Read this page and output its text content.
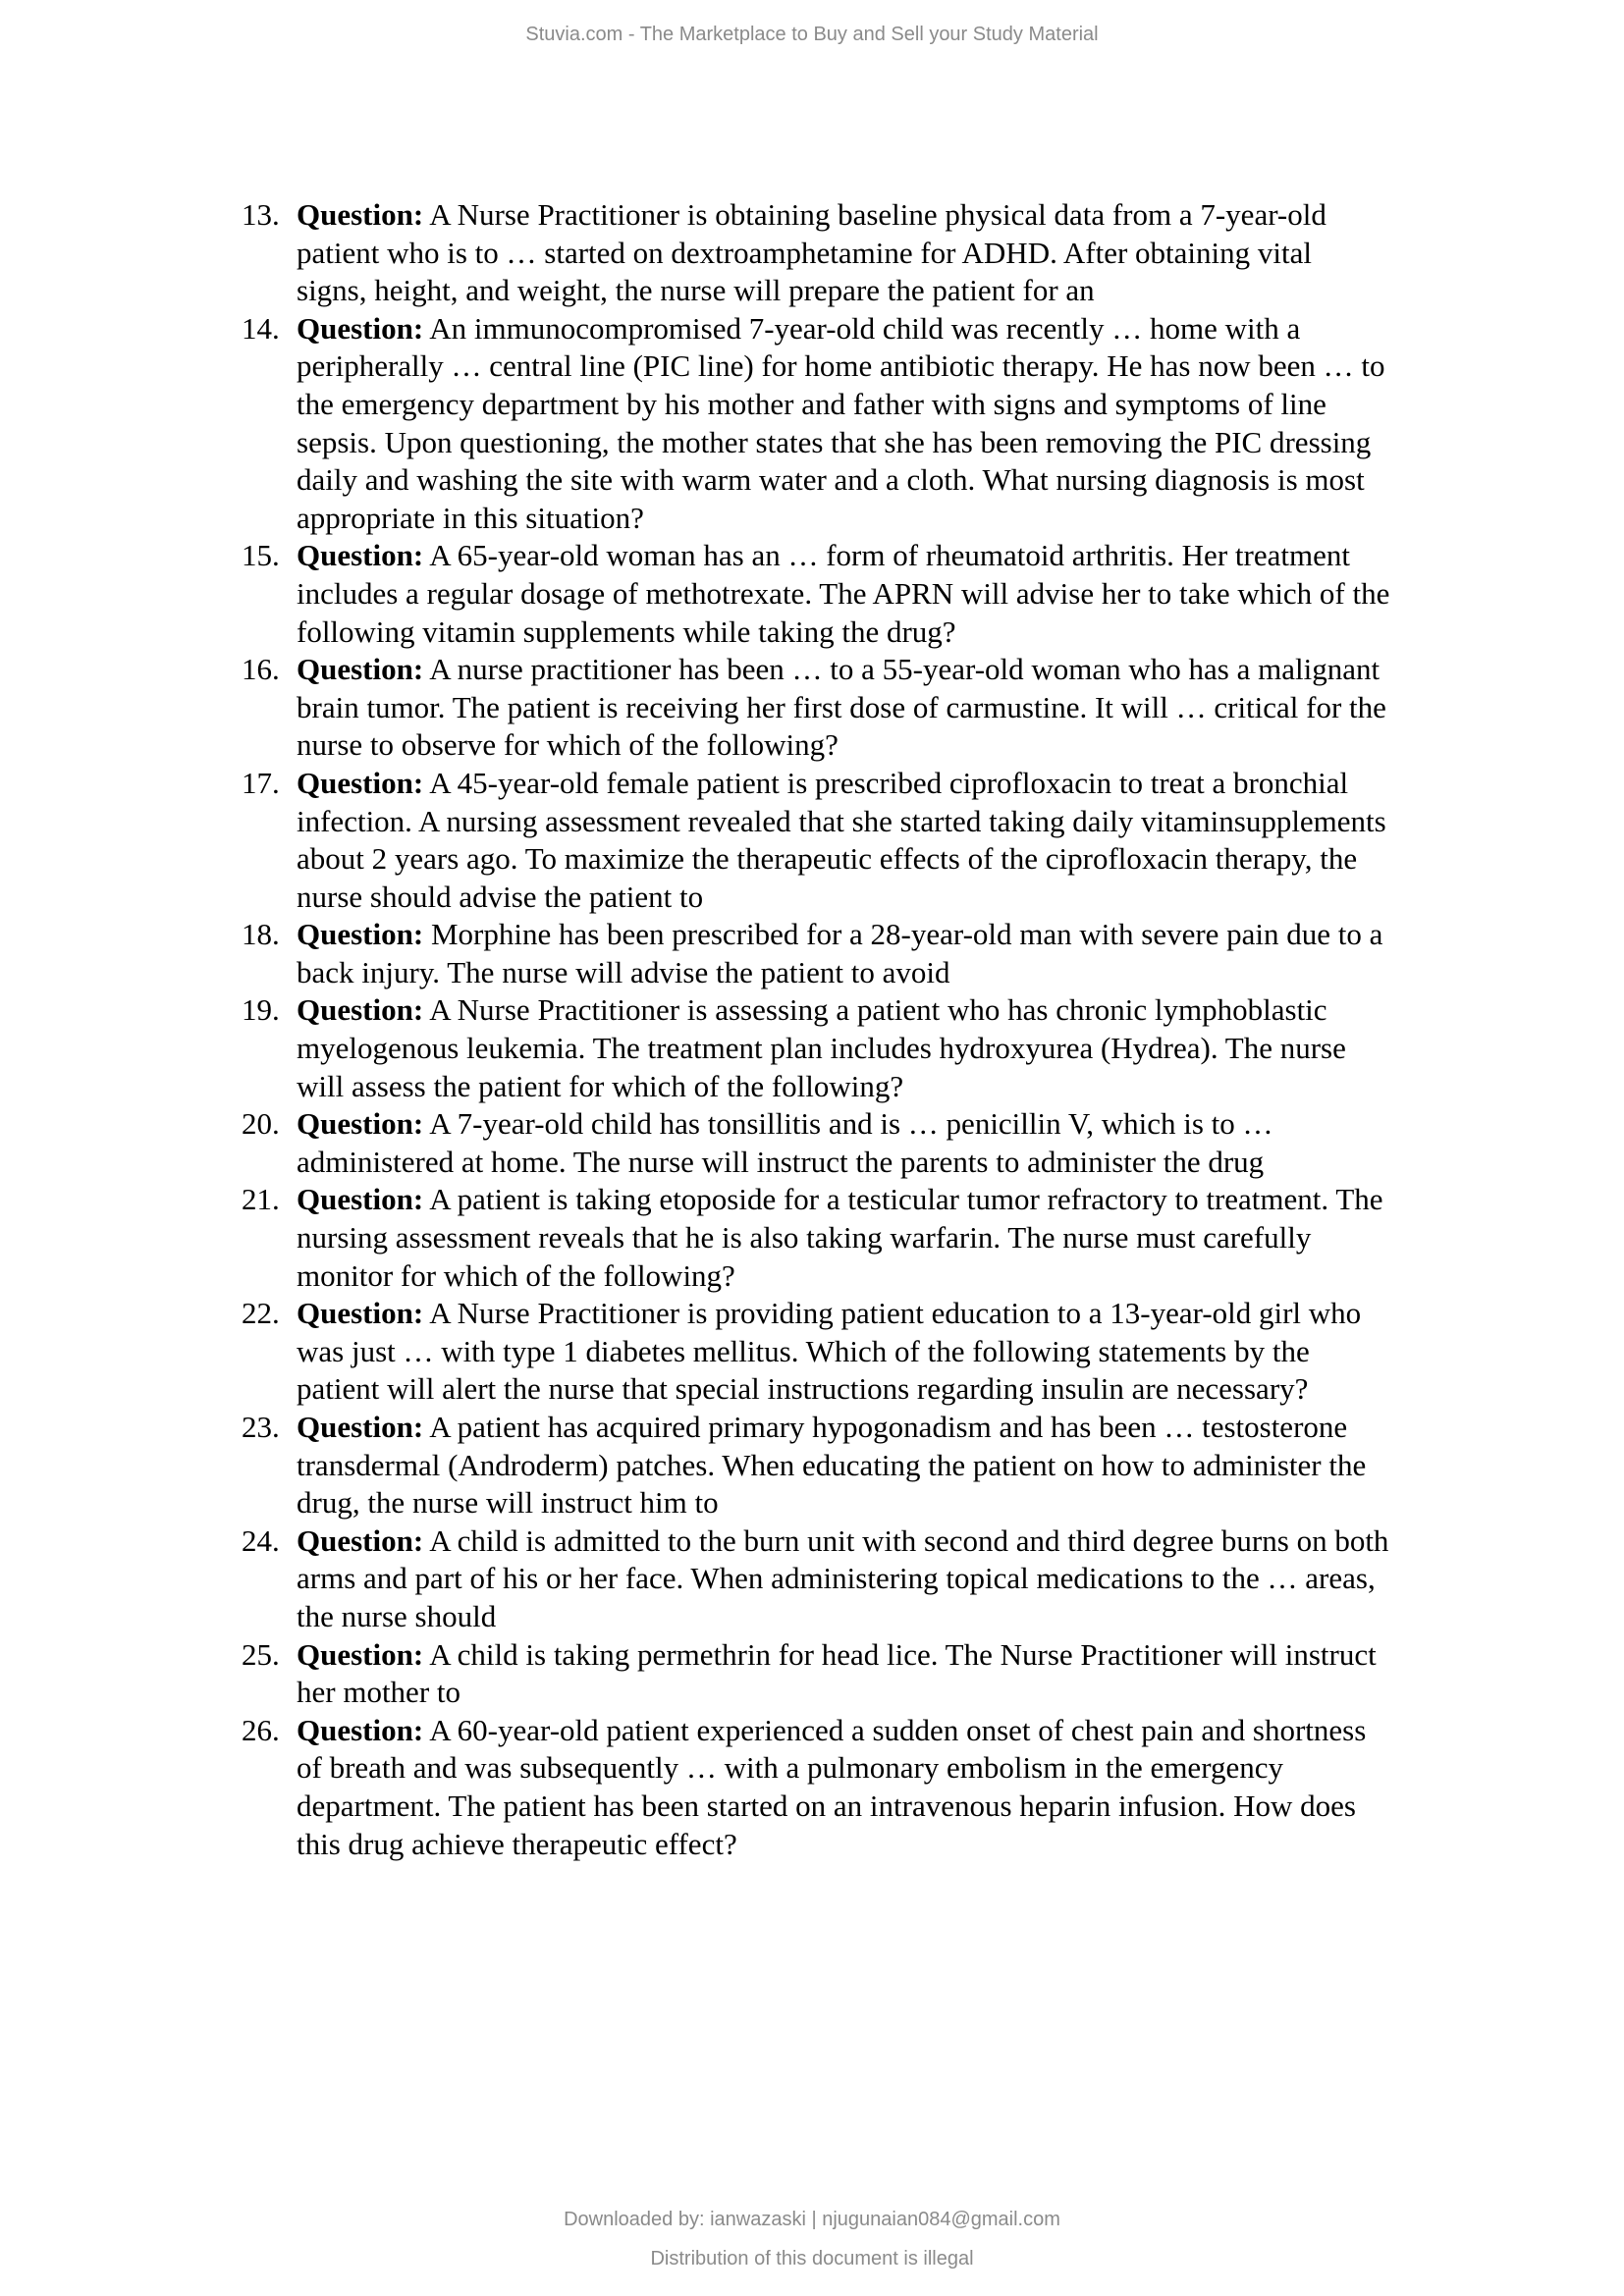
Stuvia.com - The Marketplace to Buy and Sell your Study Material
13. Question: A Nurse Practitioner is obtaining baseline physical data from a 7-year-old
patient who is to … started on dextroamphetamine for ADHD. After obtaining vital
signs, height, and weight, the nurse will prepare the patient for an
14. Question: An immunocompromised 7-year-old child was recently … home with a
peripherally … central line (PIC line) for home antibiotic therapy. He has now been … to
the emergency department by his mother and father with signs and symptoms of line
sepsis. Upon questioning, the mother states that she has been removing the PIC dressing
daily and washing the site with warm water and a cloth. What nursing diagnosis is most
appropriate in this situation?
15. Question: A 65-year-old woman has an … form of rheumatoid arthritis. Her treatment
includes a regular dosage of methotrexate. The APRN will advise her to take which of the
following vitamin supplements while taking the drug?
16. Question: A nurse practitioner has been … to a 55-year-old woman who has a malignant
brain tumor. The patient is receiving her first dose of carmustine. It will … critical for the
nurse to observe for which of the following?
17. Question: A 45-year-old female patient is prescribed ciprofloxacin to treat a bronchial
infection. A nursing assessment revealed that she started taking daily vitaminsupplements
about 2 years ago. To maximize the therapeutic effects of the ciprofloxacin therapy, the
nurse should advise the patient to
18. Question: Morphine has been prescribed for a 28-year-old man with severe pain due to a
back injury. The nurse will advise the patient to avoid
19. Question: A Nurse Practitioner is assessing a patient who has chronic lymphoblastic
myelogenous leukemia. The treatment plan includes hydroxyurea (Hydrea). The nurse
will assess the patient for which of the following?
20. Question: A 7-year-old child has tonsillitis and is … penicillin V, which is to …
administered at home. The nurse will instruct the parents to administer the drug
21. Question: A patient is taking etoposide for a testicular tumor refractory to treatment. The
nursing assessment reveals that he is also taking warfarin. The nurse must carefully
monitor for which of the following?
22. Question: A Nurse Practitioner is providing patient education to a 13-year-old girl who
was just … with type 1 diabetes mellitus. Which of the following statements by the
patient will alert the nurse that special instructions regarding insulin are necessary?
23. Question: A patient has acquired primary hypogonadism and has been … testosterone
transdermal (Androderm) patches. When educating the patient on how to administer the
drug, the nurse will instruct him to
24. Question: A child is admitted to the burn unit with second and third degree burns on both
arms and part of his or her face. When administering topical medications to the … areas,
the nurse should
25. Question: A child is taking permethrin for head lice. The Nurse Practitioner will instruct
her mother to
26. Question: A 60-year-old patient experienced a sudden onset of chest pain and shortness
of breath and was subsequently … with a pulmonary embolism in the emergency
department. The patient has been started on an intravenous heparin infusion. How does
this drug achieve therapeutic effect?
Downloaded by: ianwazaski | njugunaian084@gmail.com
Distribution of this document is illegal
